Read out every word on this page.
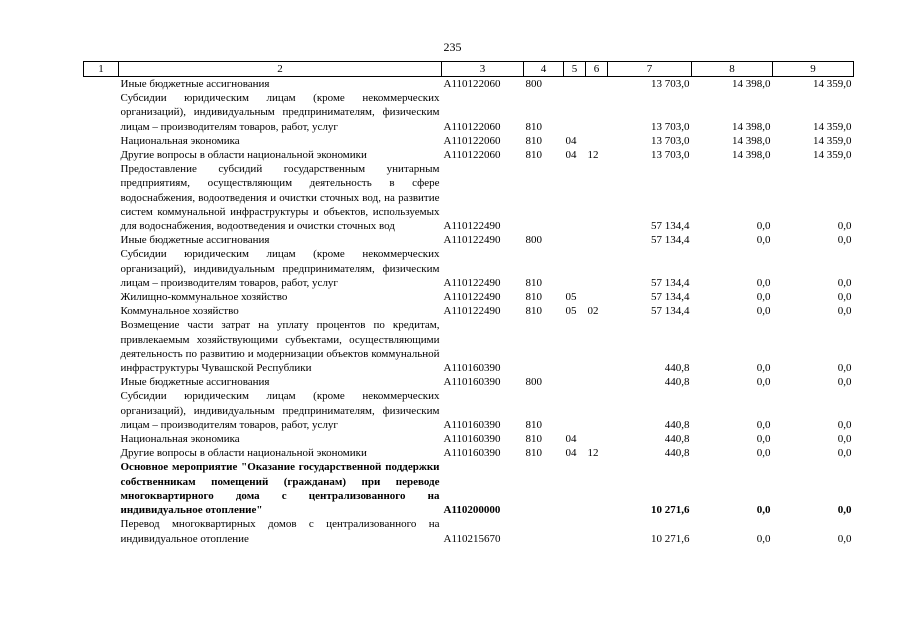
235
1	2	3	4	5	6	7	8	9
	Иные бюджетные ассигнования	А110122060	800			13 703,0	14 398,0	14 359,0
	Субсидии юридическим лицам (кроме некоммерческих организаций), индивидуальным предпринимателям, физическим лицам – производителям товаров, работ, услуг	А110122060	810			13 703,0	14 398,0	14 359,0
	Национальная экономика	А110122060	810	04		13 703,0	14 398,0	14 359,0
	Другие вопросы в области национальной экономики	А110122060	810	04	12	13 703,0	14 398,0	14 359,0
	Предоставление субсидий государственным унитарным предприятиям, осуществляющим деятельность в сфере водоснабжения, водоотведения и очистки сточных вод, на развитие систем коммунальной инфраструктуры и объектов, используемых для водоснабжения, водоотведения и очистки сточных вод	А110122490				57 134,4	0,0	0,0
	Иные бюджетные ассигнования	А110122490	800			57 134,4	0,0	0,0
	Субсидии юридическим лицам (кроме некоммерческих организаций), индивидуальным предпринимателям, физическим лицам – производителям товаров, работ, услуг	А110122490	810			57 134,4	0,0	0,0
	Жилищно-коммунальное хозяйство	А110122490	810	05		57 134,4	0,0	0,0
	Коммунальное хозяйство	А110122490	810	05	02	57 134,4	0,0	0,0
	Возмещение части затрат на уплату процентов по кредитам, привлекаемым хозяйствующими субъектами, осуществляющими деятельность по развитию и модернизации объектов коммунальной инфраструктуры Чувашской Республики	А110160390				440,8	0,0	0,0
	Иные бюджетные ассигнования	А110160390	800			440,8	0,0	0,0
	Субсидии юридическим лицам (кроме некоммерческих организаций), индивидуальным предпринимателям, физическим лицам – производителям товаров, работ, услуг	А110160390	810			440,8	0,0	0,0
	Национальная экономика	А110160390	810	04		440,8	0,0	0,0
	Другие вопросы в области национальной экономики	А110160390	810	04	12	440,8	0,0	0,0
	Основное мероприятие "Оказание государственной поддержки собственникам помещений (гражданам) при переводе многоквартирного дома с централизованного на индивидуальное отопление"	А110200000				10 271,6	0,0	0,0
	Перевод многоквартирных домов с централизованного на индивидуальное отопление	А110215670				10 271,6	0,0	0,0
